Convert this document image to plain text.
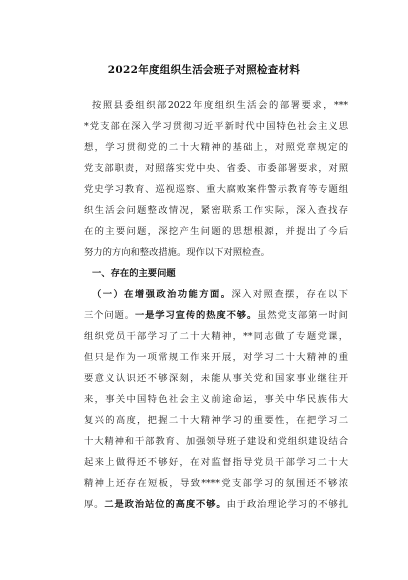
2022年度组织生活会班子对照检查材料
按照县委组织部2022年度组织生活会的部署要求，***
*党支部在深入学习贯彻习近平新时代中国特色社会主义思
想，学习贯彻党的二十大精神的基础上，对照党章规定的
党支部职责，对照落实党中央、省委、市委部署要求，对照
党史学习教育、巡视巡察、重大腐败案件警示教育等专题组
织生活会问题整改情况，紧密联系工作实际，深入查找存
在的主要问题，深挖产生问题的思想根源，并提出了今后
努力的方向和整改措施。现作以下对照检查。
一、存在的主要问题
（一）在增强政治功能方面。深入对照查摆，存在以下
三个问题。一是学习宣传的热度不够。虽然党支部第一时间
组织党员干部学习了二十大精神，**同志做了专题党课，
但只是作为一项常规工作来开展，对学习二十大精神的重
要意义认识还不够深刻，未能从事关党和国家事业继往开
来，事关中国特色社会主义前途命运，事关中华民族伟大
复兴的高度，把握二十大精神学习的重要性，在把学习二
十大精神和干部教育、加强领导班子建设和党组织建设结合
起来上做得还不够好，在对监督指导党员干部学习二十大
精神上还存在短板，导致****党支部学习的氛围还不够浓
厚。二是政治站位的高度不够。由于政治理论学习的不够扎
